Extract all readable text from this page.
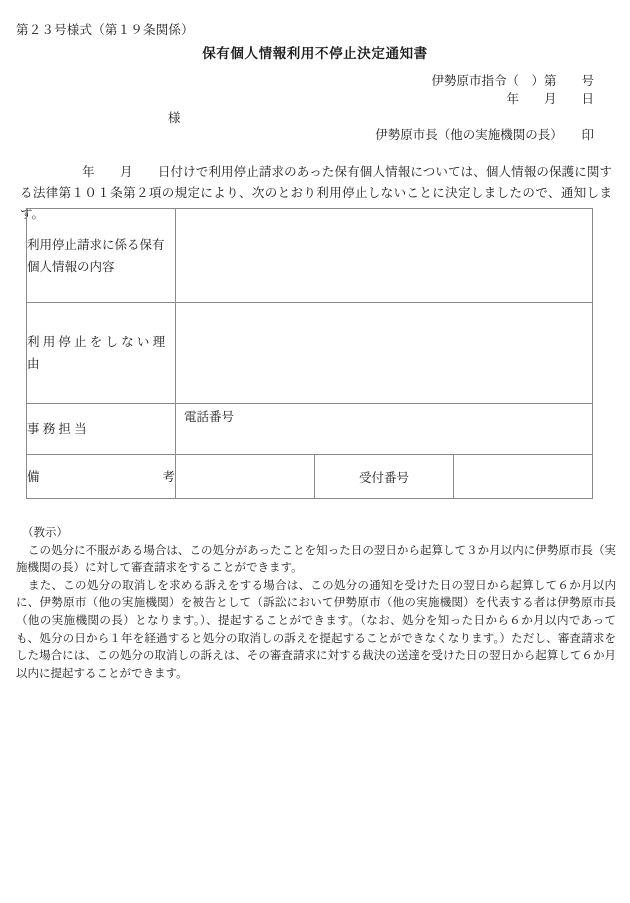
第２３号様式（第１９条関係）
保有個人情報利用不停止決定通知書
伊勢原市指令（　）第　　号
年　　月　　日
様
伊勢原市長（他の実施機関の長）　　印
年　　月　　日付けで利用停止請求のあった保有個人情報については、個人情報の保護に関する法律第１０１条第２項の規定により、次のとおり利用停止しないことに決定しましたので、通知します。
利用停止請求に係る保有
個人情報の内容			

利用停止をしない理由			

事務担当	電話番号		

備 考		受付番号	
（教示）

この処分に不服がある場合は、この処分があったことを知った日の翌日から起算して３か月以内に伊勢原市長（実施機関の長）に対して審査請求をすることができます。

また、この処分の取消しを求める訴えをする場合は、この処分の通知を受けた日の翌日から起算して６か月以内に、伊勢原市（他の実施機関）を被告として（訴訟において伊勢原市（他の実施機関）を代表する者は伊勢原市長（他の実施機関の長）となります。）、提起することができます。（なお、処分を知った日から６か月以内であっても、処分の日から１年を経過すると処分の取消しの訴えを提起することができなくなります。）ただし、審査請求をした場合には、この処分の取消しの訴えは、その審査請求に対する裁決の送達を受けた日の翌日から起算して６か月以内に提起することができます。
